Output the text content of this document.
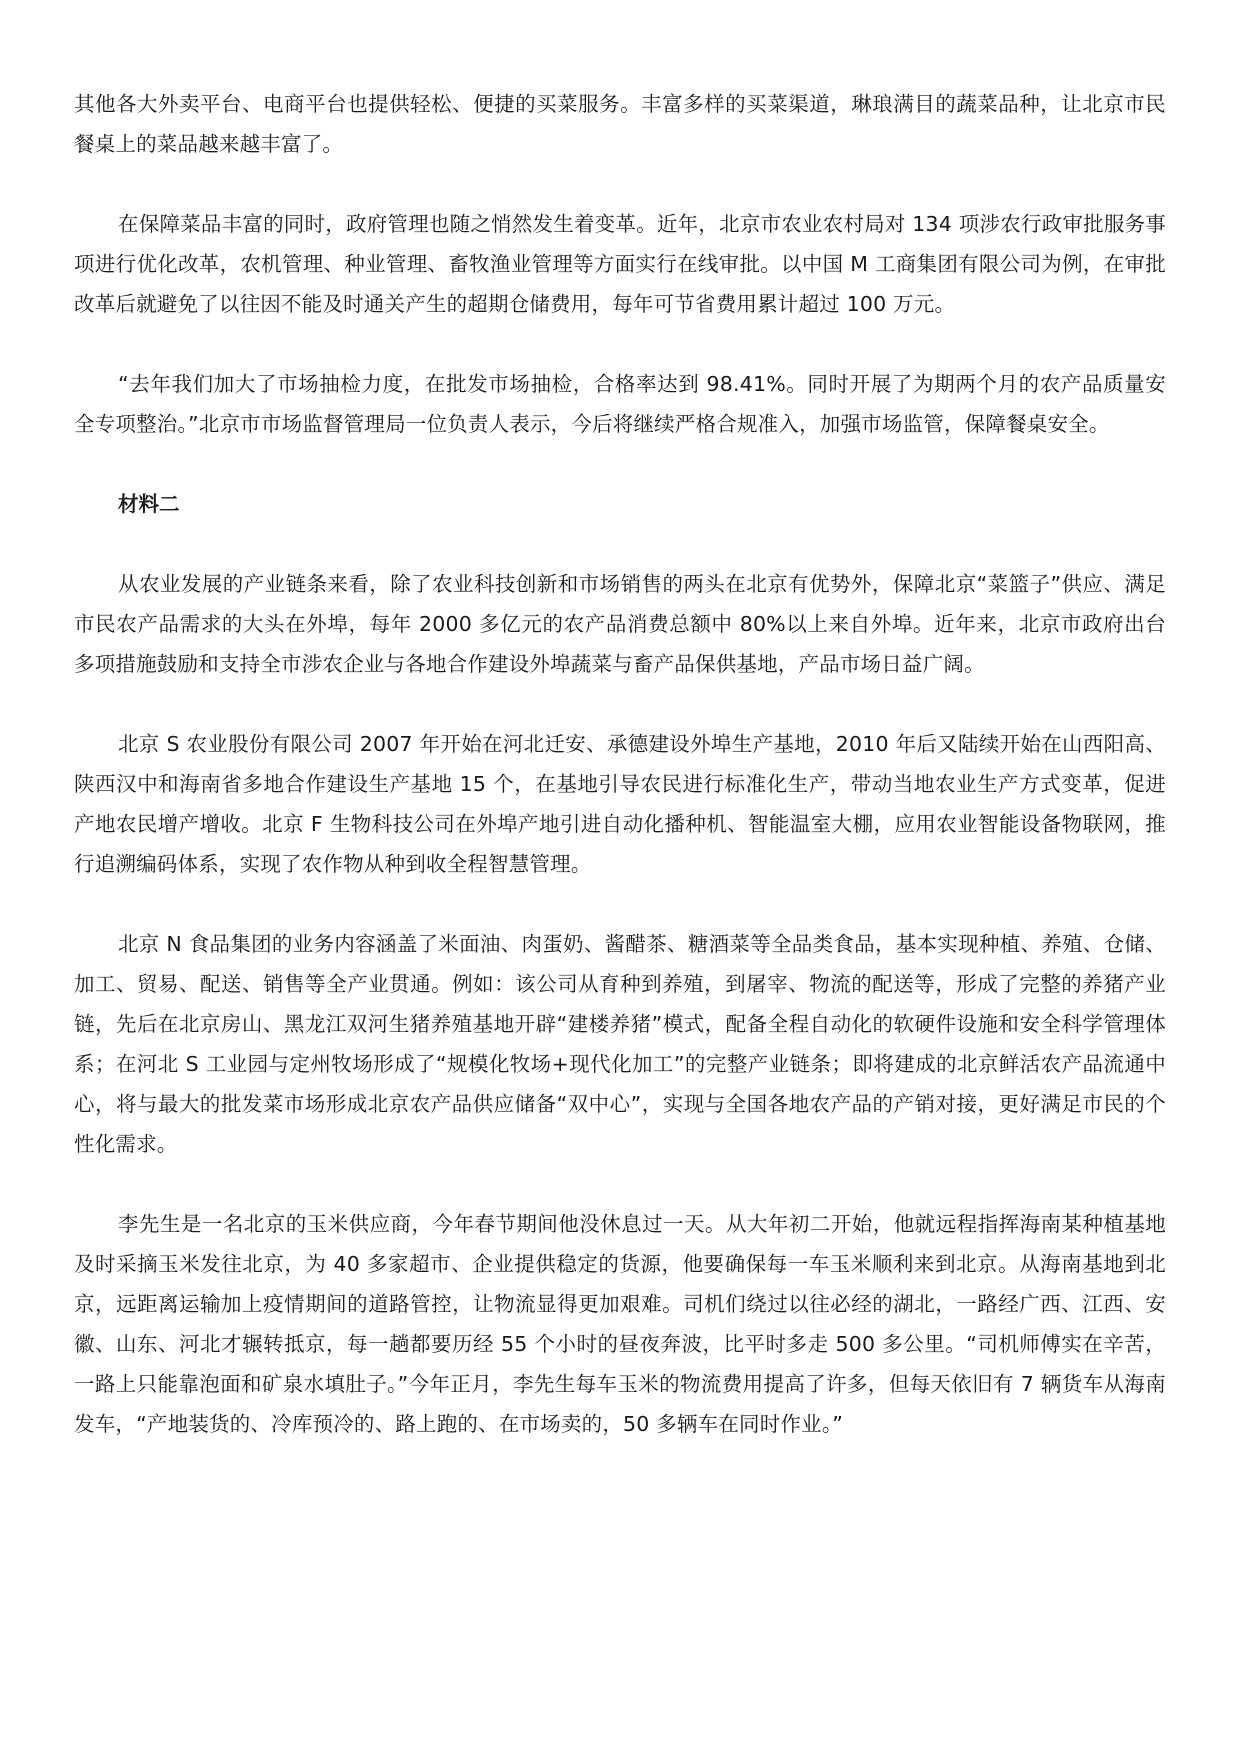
其他各大外卖平台、电商平台也提供轻松、便捷的买菜服务。丰富多样的买菜渠道，琳琅满目的蔬菜品种，让北京市民餐桌上的菜品越来越丰富了。

在保障菜品丰富的同时，政府管理也随之悄然发生着变革。近年，北京市农业农村局对 134 项涉农行政审批服务事项进行优化改革，农机管理、种业管理、畜牧渔业管理等方面实行在线审批。以中国 M 工商集团有限公司为例，在审批改革后就避免了以往因不能及时通关产生的超期仓储费用，每年可节省费用累计超过 100 万元。

“去年我们加大了市场抽检力度，在批发市场抽检，合格率达到 98.41%。同时开展了为期两个月的农产品质量安全专项整治。”北京市市场监督管理局一位负责人表示，今后将继续严格合规准入，加强市场监管，保障餐桌安全。

材料二

从农业发展的产业链条来看，除了农业科技创新和市场销售的两头在北京有优势外，保障北京“菜篮子”供应、满足市民农产品需求的大头在外埠，每年 2000 多亿元的农产品消费总额中 80%以上来自外埠。近年来，北京市政府出台多项措施鼓励和支持全市涉农企业与各地合作建设外埠蔬菜与畜产品保供基地，产品市场日益广阔。

北京 S 农业股份有限公司 2007 年开始在河北迁安、承德建设外埠生产基地，2010 年后又陆续开始在山西阳高、陕西汉中和海南省多地合作建设生产基地 15 个，在基地引导农民进行标准化生产，带动当地农业生产方式变革，促进产地农民增产增收。北京 F 生物科技公司在外埠产地引进自动化播种机、智能温室大棚，应用农业智能设备物联网，推行追溯编码体系，实现了农作物从种到收全程智慧管理。

北京 N 食品集团的业务内容涵盖了米面油、肉蛋奶、酱醋茶、糖酒菜等全品类食品，基本实现种植、养殖、仓储、加工、贸易、配送、销售等全产业贯通。例如：该公司从育种到养殖，到屠宰、物流的配送等，形成了完整的养猪产业链，先后在北京房山、黑龙江双河生猪养殖基地开辟“建楼养猪”模式，配备全程自动化的软硬件设施和安全科学管理体系；在河北 S 工业园与定州牧场形成了“规模化牧场+现代化加工”的完整产业链条；即将建成的北京鲜活农产品流通中心，将与最大的批发菜市场形成北京农产品供应储备“双中心”，实现与全国各地农产品的产销对接，更好满足市民的个性化需求。

李先生是一名北京的玉米供应商，今年春节期间他没休息过一天。从大年初二开始，他就远程指挥海南某种植基地及时采摘玉米发往北京，为 40 多家超市、企业提供稳定的货源，他要确保每一车玉米顺利来到北京。从海南基地到北京，远距离运输加上疫情期间的道路管控，让物流显得更加艰难。司机们绕过以往必经的湖北，一路经广西、江西、安徽、山东、河北才辗转抵京，每一趟都要历经 55 个小时的昼夜奔波，比平时多走 500 多公里。“司机师傅实在辛苦，一路上只能靠泡面和矿泉水填肚子。”今年正月，李先生每车玉米的物流费用提高了许多，但每天依旧有 7 辆货车从海南发车，“产地装货的、冷库预冷的、路上跑的、在市场卖的，50 多辆车在同时作业。”
